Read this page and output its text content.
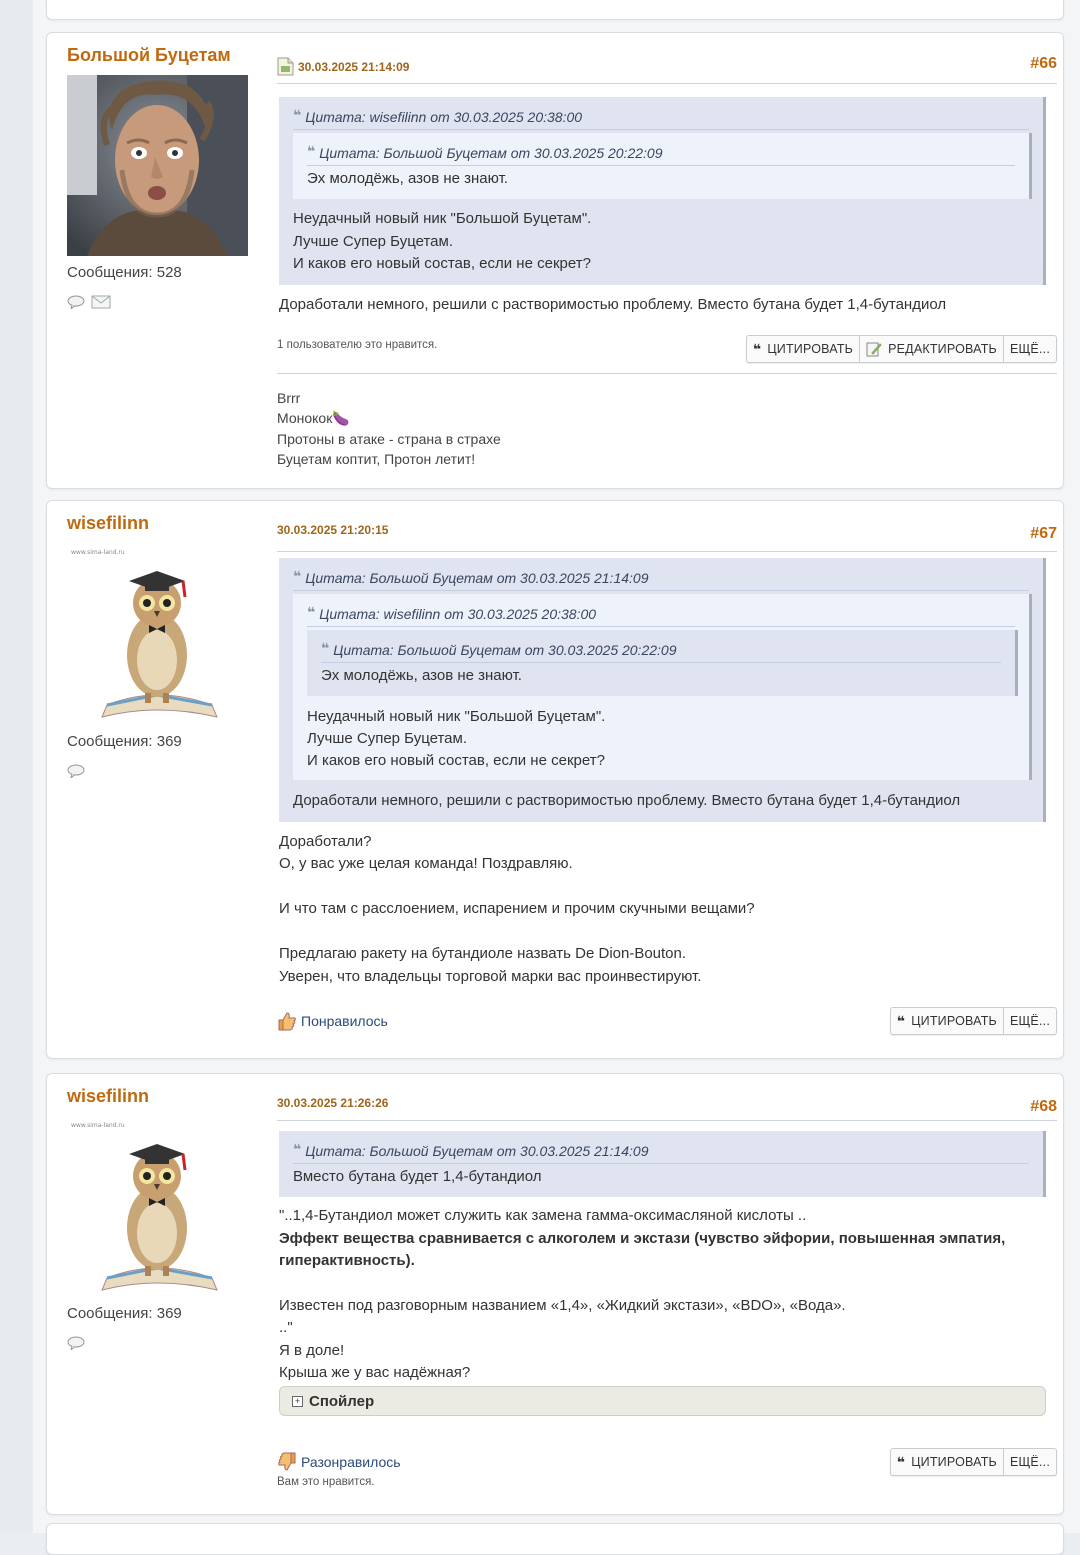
Большой Буцетам
Сообщения: 528
30.03.2025 21:14:09	#66
❝ Цитата: wisefilinn от 30.03.2025 20:38:00
❝ Цитата: Большой Буцетам от 30.03.2025 20:22:09
Эх молодёжь, азов не знают.
Неудачный новый ник "Большой Буцетам".
Лучше Супер Буцетам.
И каков его новый состав, если не секрет?
Доработали немного, решили с растворимостью проблему. Вместо бутана будет 1,4-бутандиол
1 пользователю это нравится.	❝ ЦИТИРОВАТЬ	РЕДАКТИРОВАТЬ ЕЩЁ...
Brrr
Монокок🍆
Протоны в атаке - страна в страхе
Буцетам коптит, Протон летит!
wisefilinn
www.sima-land.ru
Сообщения: 369
30.03.2025 21:20:15	#67
❝ Цитата: Большой Буцетам от 30.03.2025 21:14:09
❝ Цитата: wisefilinn от 30.03.2025 20:38:00
❝ Цитата: Большой Буцетам от 30.03.2025 20:22:09
Эх молодёжь, азов не знают.
Неудачный новый ник "Большой Буцетам".
Лучше Супер Буцетам.
И каков его новый состав, если не секрет?
Доработали немного, решили с растворимостью проблему. Вместо бутана будет 1,4-бутандиол
Доработали?
О, у вас уже целая команда! Поздравляю.
И что там с расслоением, испарением и прочим скучными вещами?
Предлагаю ракету на бутандиоле назвать De Dion-Bouton.
Уверен, что владельцы торговой марки вас проинвестируют.
Понравилось	❝ ЦИТИРОВАТЬ ЕЩЁ...
wisefilinn
www.sima-land.ru
Сообщения: 369
30.03.2025 21:26:26	#68
❝ Цитата: Большой Буцетам от 30.03.2025 21:14:09
Вместо бутана будет 1,4-бутандиол
"..1,4-Бутандиол может служить как замена гамма-оксимасляной кислоты ..
Эффект вещества сравнивается с алкоголем и экстази (чувство эйфории, повышенная эмпатия,
гиперактивность).
Известен под разговорным названием «1,4», «Жидкий экстази», «BDO», «Вода».
.."
Я в доле!
Крыша же у вас надёжная?
+ Спойлер
Разонравилось
Вам это нравится.
❝ ЦИТИРОВАТЬ ЕЩЁ...
